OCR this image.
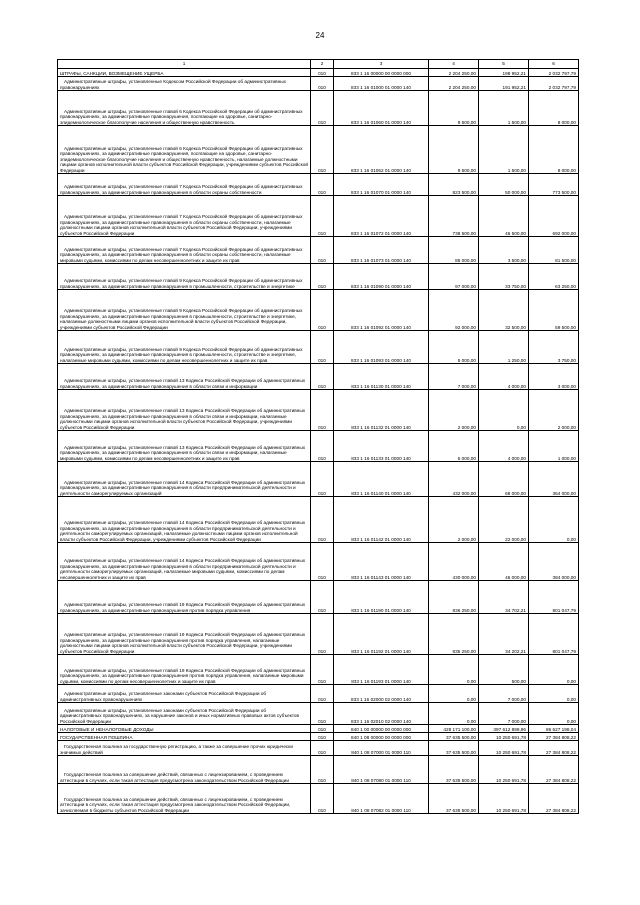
24
1	2	3	4	5	6
ШТРАФЫ, САНКЦИИ, ВОЗМЕЩЕНИЕ УЩЕРБА	010	833 1 16 00000 00 0000 000	2 204 250,00	198 952,21	2 032 797,79
Административные штрафы, установленные Кодексом Российской Федерации об административных правонарушениях	010	833 1 16 01000 01 0000 140	2 204 250,00	191 952,21	2 032 797,79
Административные штрафы, установленные главой 6 Кодекса Российской Федерации об административных правонарушениях, за административные правонарушения, посягающие на здоровье, санитарно-эпидемиологическое благополучие населения и общественную нравственность	010	833 1 16 01060 01 0000 140	9 500,00	1 500,00	8 000,00
Административные штрафы, установленные главой 6 Кодекса Российской Федерации об административных правонарушениях, за административные правонарушения, посягающие на здоровье, санитарно-эпидемиологическое благополучие населения и общественную нравственность, налагаемые должностными лицами органов исполнительной власти субъектов Российской Федерации, учреждениями субъектов Российской Федерации	010	833 1 16 01062 01 0000 140	9 500,00	1 500,00	8 000,00
Административные штрафы, установленные главой 7 Кодекса Российской Федерации об административных правонарушениях, за административные правонарушения в области охраны собственности	010	833 1 16 01070 01 0000 140	823 500,00	50 000,00	773 500,00
Административные штрафы, установленные главой 7 Кодекса Российской Федерации об административных правонарушениях, за административные правонарушения в области охраны собственности, налагаемые должностными лицами органов исполнительной власти субъектов Российской Федерации, учреждениями субъектов Российской Федерации	010	833 1 16 01072 01 0000 140	738 500,00	46 500,00	692 000,00
Административные штрафы, установленные главой 7 Кодекса Российской Федерации об административных правонарушениях, за административные правонарушения в области охраны собственности, налагаемые мировыми судьями, комиссиями по делам несовершеннолетних и защите их прав	010	833 1 16 01073 01 0000 140	85 000,00	3 500,00	81 500,00
Административные штрафы, установленные главой 9 Кодекса Российской Федерации об административных правонарушениях, за административные правонарушения в промышленности, строительстве и энергетике	010	833 1 16 01090 01 0000 140	97 000,00	33 750,00	63 250,00
Административные штрафы, установленные главой 9 Кодекса Российской Федерации об административных правонарушениях, за административные правонарушения в промышленности, строительстве и энергетике, налагаемые должностными лицами органов исполнительной власти субъектов Российской Федерации, учреждениями субъектов Российской Федерации	010	833 1 16 01092 01 0000 140	92 000,00	32 500,00	59 500,00
Административные штрафы, установленные главой 9 Кодекса Российской Федерации об административных правонарушениях, за административные правонарушения в промышленности, строительстве и энергетике, налагаемые мировыми судьями, комиссиями по делам несовершеннолетних и защите их прав	010	833 1 16 01093 01 0000 140	5 000,00	1 250,00	3 750,00
Административные штрафы, установленные главой 13 Кодекса Российской Федерации об административных правонарушениях, за административные правонарушения в области связи и информации	010	833 1 16 01130 01 0000 140	7 000,00	4 000,00	3 000,00
Административные штрафы, установленные главой 13 Кодекса Российской Федерации об административных правонарушениях, за административные правонарушения в области связи и информации, налагаемые должностными лицами органов исполнительной власти субъектов Российской Федерации, учреждениями субъектов Российской Федерации	010	833 1 16 01132 01 0000 140	2 000,00	0,00	2 000,00
Административные штрафы, установленные главой 13 Кодекса Российской Федерации об административных правонарушениях, за административные правонарушения в области связи и информации, налагаемые мировыми судьями, комиссиями по делам несовершеннолетних и защите их прав	010	833 1 16 01133 01 0000 140	5 000,00	4 000,00	1 000,00
Административные штрафы, установленные главой 14 Кодекса Российской Федерации об административных правонарушениях, за административные правонарушения в области предпринимательской деятельности и деятельности саморегулируемых организаций	010	833 1 16 01140 01 0000 140	432 000,00	68 000,00	364 000,00
Административные штрафы, установленные главой 14 Кодекса Российской Федерации об административных правонарушениях, за административные правонарушения в области предпринимательской деятельности и деятельности саморегулируемых организаций, налагаемые должностными лицами органов исполнительной власти субъектов Российской Федерации, учреждениями субъектов Российской Федерации	010	833 1 16 01142 01 0000 140	2 000,00	22 000,00	0,00
Административные штрафы, установленные главой 14 Кодекса Российской Федерации об административных правонарушениях, за административные правонарушения в области предпринимательской деятельности и деятельности саморегулируемых организаций, налагаемые мировыми судьями, комиссиями по делам несовершеннолетних и защите их прав	010	833 1 16 01143 01 0000 140	430 000,00	46 000,00	384 000,00
Административные штрафы, установленные главой 19 Кодекса Российской Федерации об административных правонарушениях, за административные правонарушения против порядка управления	010	833 1 16 01190 01 0000 140	836 250,00	34 702,21	801 047,79
Административные штрафы, установленные главой 19 Кодекса Российской Федерации об административных правонарушениях, за административные правонарушения против порядка управления, налагаемые должностными лицами органов исполнительной власти субъектов Российской Федерации, учреждениями субъектов Российской Федерации	010	833 1 16 01192 01 0000 140	835 250,00	34 202,21	801 047,79
Административные штрафы, установленные главой 19 Кодекса Российской Федерации об административных правонарушениях, за административные правонарушения против порядка управления, налагаемые мировыми судьями, комиссиями по делам несовершеннолетних и защите их прав	010	833 1 16 01193 01 0000 140	0,00	500,00	0,00
Административные штрафы, установленные законами субъектов Российской Федерации об административных правонарушениях	010	833 1 16 02000 02 0000 140	0,00	7 000,00	0,00
Административные штрафы, установленные законами субъектов Российской Федерации об административных правонарушениях, за нарушение законов и иных нормативных правовых актов субъектов Российской Федерации	010	833 1 16 02010 02 0000 140	0,00	7 000,00	0,00
НАЛОГОВЫЕ И НЕНАЛОГОВЫЕ ДОХОДЫ	010	840 1 00 00000 00 0000 000	428 171 100,00	397 612 899,96	86 627 198,04
ГОСУДАРСТВЕННАЯ ПОШЛИНА	010	840 1 08 00000 00 0000 000	37 635 500,00	10 250 691,78	27 384 808,22
Государственная пошлина за государственную регистрацию, а также за совершение прочих юридически значимых действий	010	840 1 08 07000 01 0000 110	37 635 500,00	10 250 691,78	27 384 808,22
Государственная пошлина за совершение действий, связанных с лицензированием, с проведением аттестации в случаях, если такая аттестация предусмотрена законодательством Российской Федерации	010	840 1 08 07080 01 0000 110	37 635 500,00	10 250 691,78	27 384 808,22
Государственная пошлина за совершение действий, связанных с лицензированием, с проведением аттестации в случаях, если такая аттестация предусмотрена законодательством Российской Федерации, зачисляемая в бюджеты субъектов Российской Федерации	010	840 1 08 07082 01 0000 110	37 635 500,00	10 250 691,78	27 384 808,22
